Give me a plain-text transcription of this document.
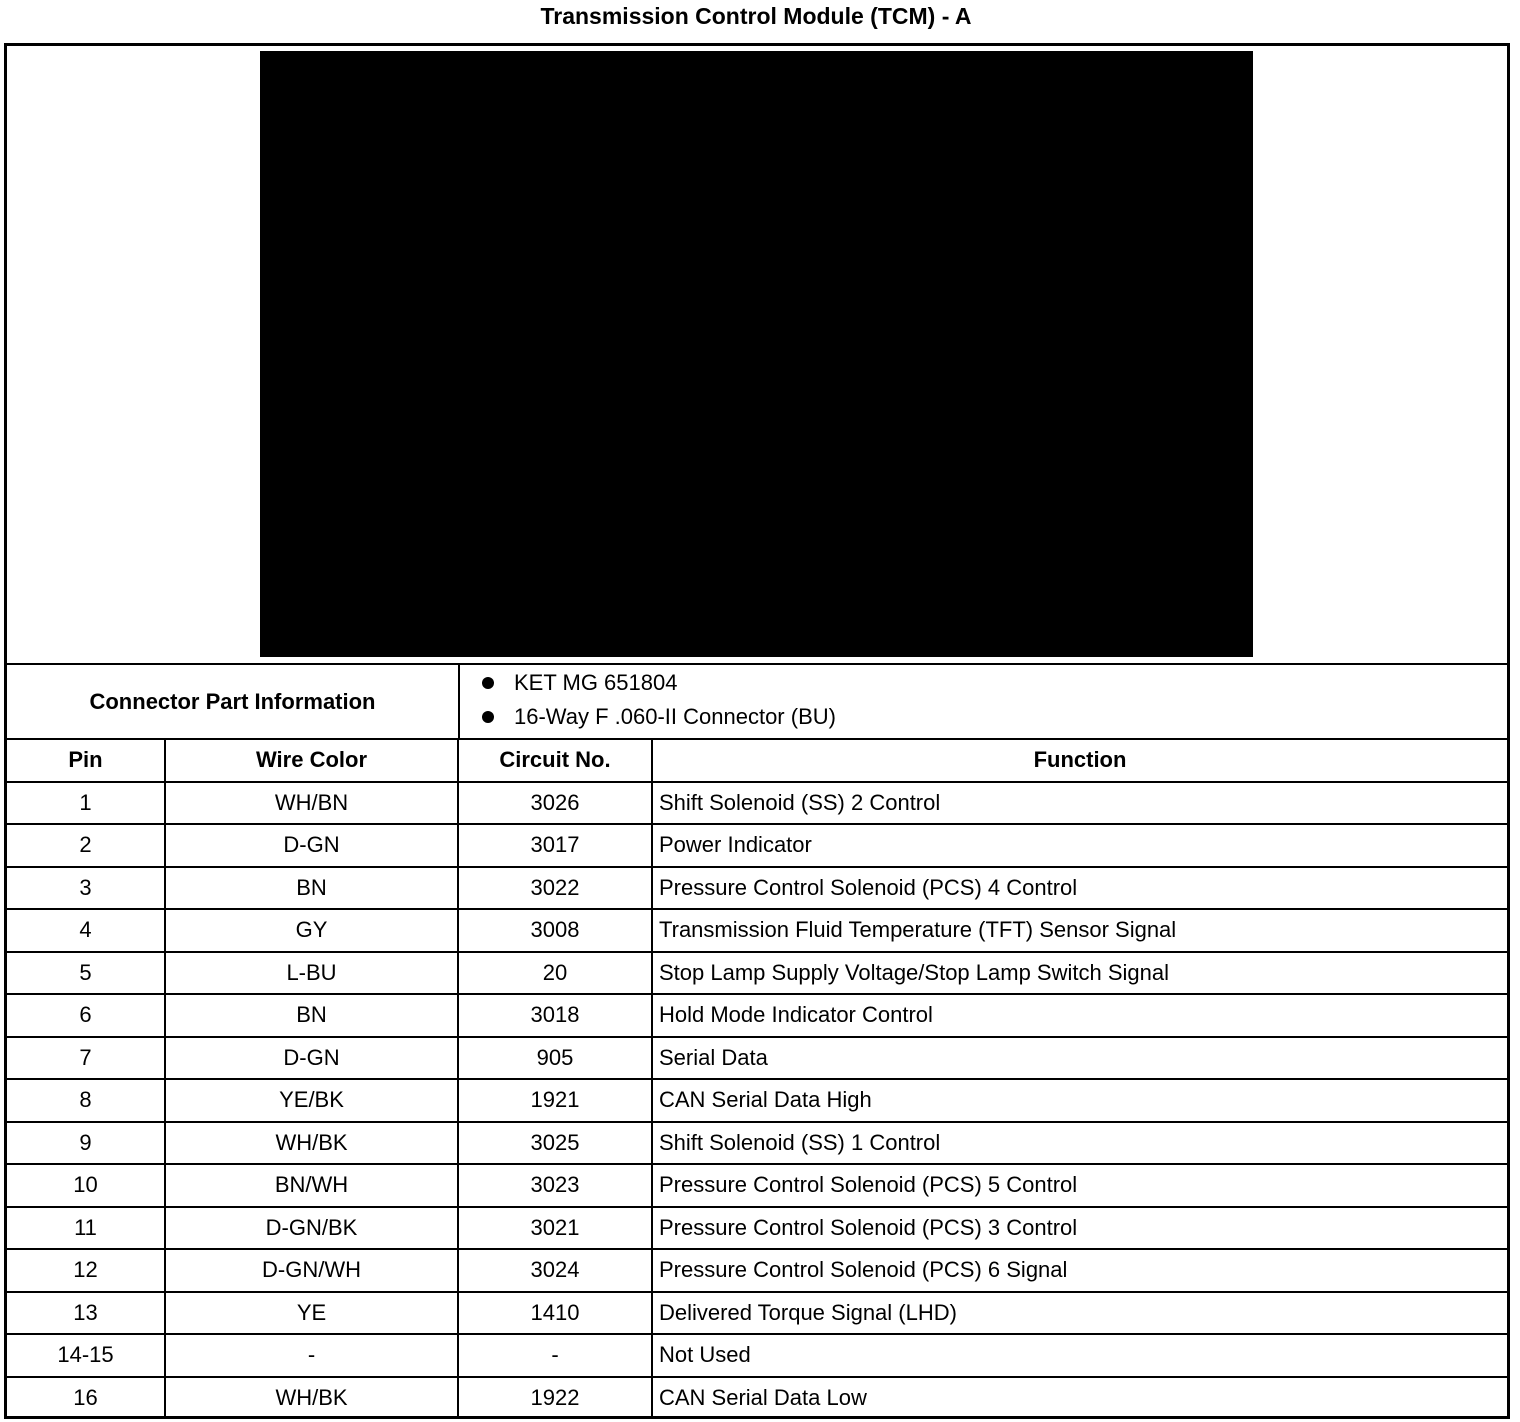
Transmission Control Module (TCM) - A
Connector Part Information
KET MG 651804
16-Way F .060-II Connector (BU)
Pin	Wire Color	Circuit No.	Function
1	WH/BN	3026	Shift Solenoid (SS) 2 Control
2	D-GN	3017	Power Indicator
3	BN	3022	Pressure Control Solenoid (PCS) 4 Control
4	GY	3008	Transmission Fluid Temperature (TFT) Sensor Signal
5	L-BU	20	Stop Lamp Supply Voltage/Stop Lamp Switch Signal
6	BN	3018	Hold Mode Indicator Control
7	D-GN	905	Serial Data
8	YE/BK	1921	CAN Serial Data High
9	WH/BK	3025	Shift Solenoid (SS) 1 Control
10	BN/WH	3023	Pressure Control Solenoid (PCS) 5 Control
11	D-GN/BK	3021	Pressure Control Solenoid (PCS) 3 Control
12	D-GN/WH	3024	Pressure Control Solenoid (PCS) 6 Signal
13	YE	1410	Delivered Torque Signal (LHD)
14-15	-	-	Not Used
16	WH/BK	1922	CAN Serial Data Low
